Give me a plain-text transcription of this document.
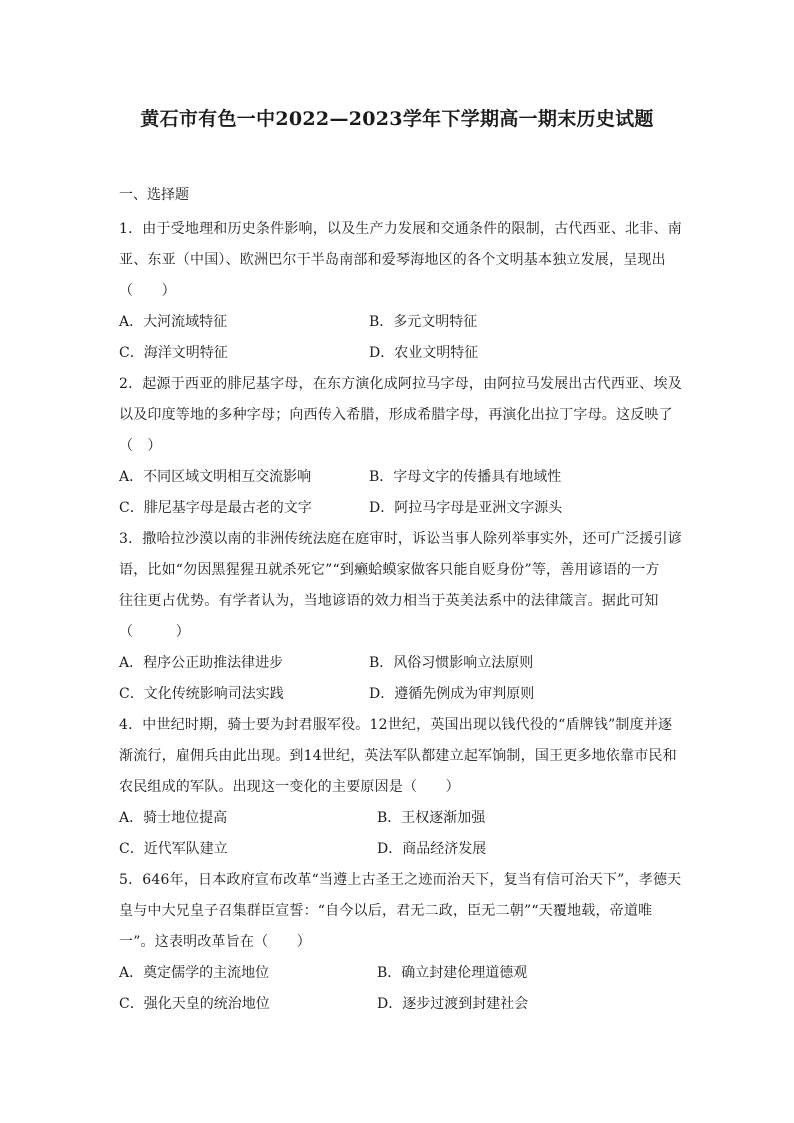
黄石市有色一中2022—2023学年下学期高一期末历史试题
一、选择题
1．由于受地理和历史条件影响，以及生产力发展和交通条件的限制，古代西亚、北非、南
亚、东亚（中国）、欧洲巴尔干半岛南部和爱琴海地区的各个文明基本独立发展，呈现出
（　　）
A．大河流域特征	B．多元文明特征
C．海洋文明特征	D．农业文明特征
2．起源于西亚的腓尼基字母，在东方演化成阿拉马字母，由阿拉马发展出古代西亚、埃及
以及印度等地的多种字母；向西传入希腊，形成希腊字母，再演化出拉丁字母。这反映了
（　）
A．不同区域文明相互交流影响	B．字母文字的传播具有地域性
C．腓尼基字母是最古老的文字	D．阿拉马字母是亚洲文字源头
3．撒哈拉沙漠以南的非洲传统法庭在庭审时，诉讼当事人除列举事实外，还可广泛援引谚
语，比如“勿因黑猩猩丑就杀死它”“到癞蛤蟆家做客只能自贬身份”等，善用谚语的一方
往往更占优势。有学者认为，当地谚语的效力相当于英美法系中的法律箴言。据此可知
（　　　）
A．程序公正助推法律进步	B．风俗习惯影响立法原则
C．文化传统影响司法实践	D．遵循先例成为审判原则
4．中世纪时期，骑士要为封君服军役。12世纪，英国出现以钱代役的“盾牌钱”制度并逐
渐流行，雇佣兵由此出现。到14世纪，英法军队都建立起军饷制，国王更多地依靠市民和
农民组成的军队。出现这一变化的主要原因是（　　）
A．骑士地位提高	B．王权逐渐加强
C．近代军队建立	D．商品经济发展
5．646年，日本政府宣布改革“当遵上古圣王之迹而治天下，复当有信可治天下”，孝德天
皇与中大兄皇子召集群臣宣誓：“自今以后，君无二政，臣无二朝”“天覆地载，帝道唯
一”。这表明改革旨在（　　）
A．奠定儒学的主流地位	B．确立封建伦理道德观
C．强化天皇的统治地位	D．逐步过渡到封建社会
